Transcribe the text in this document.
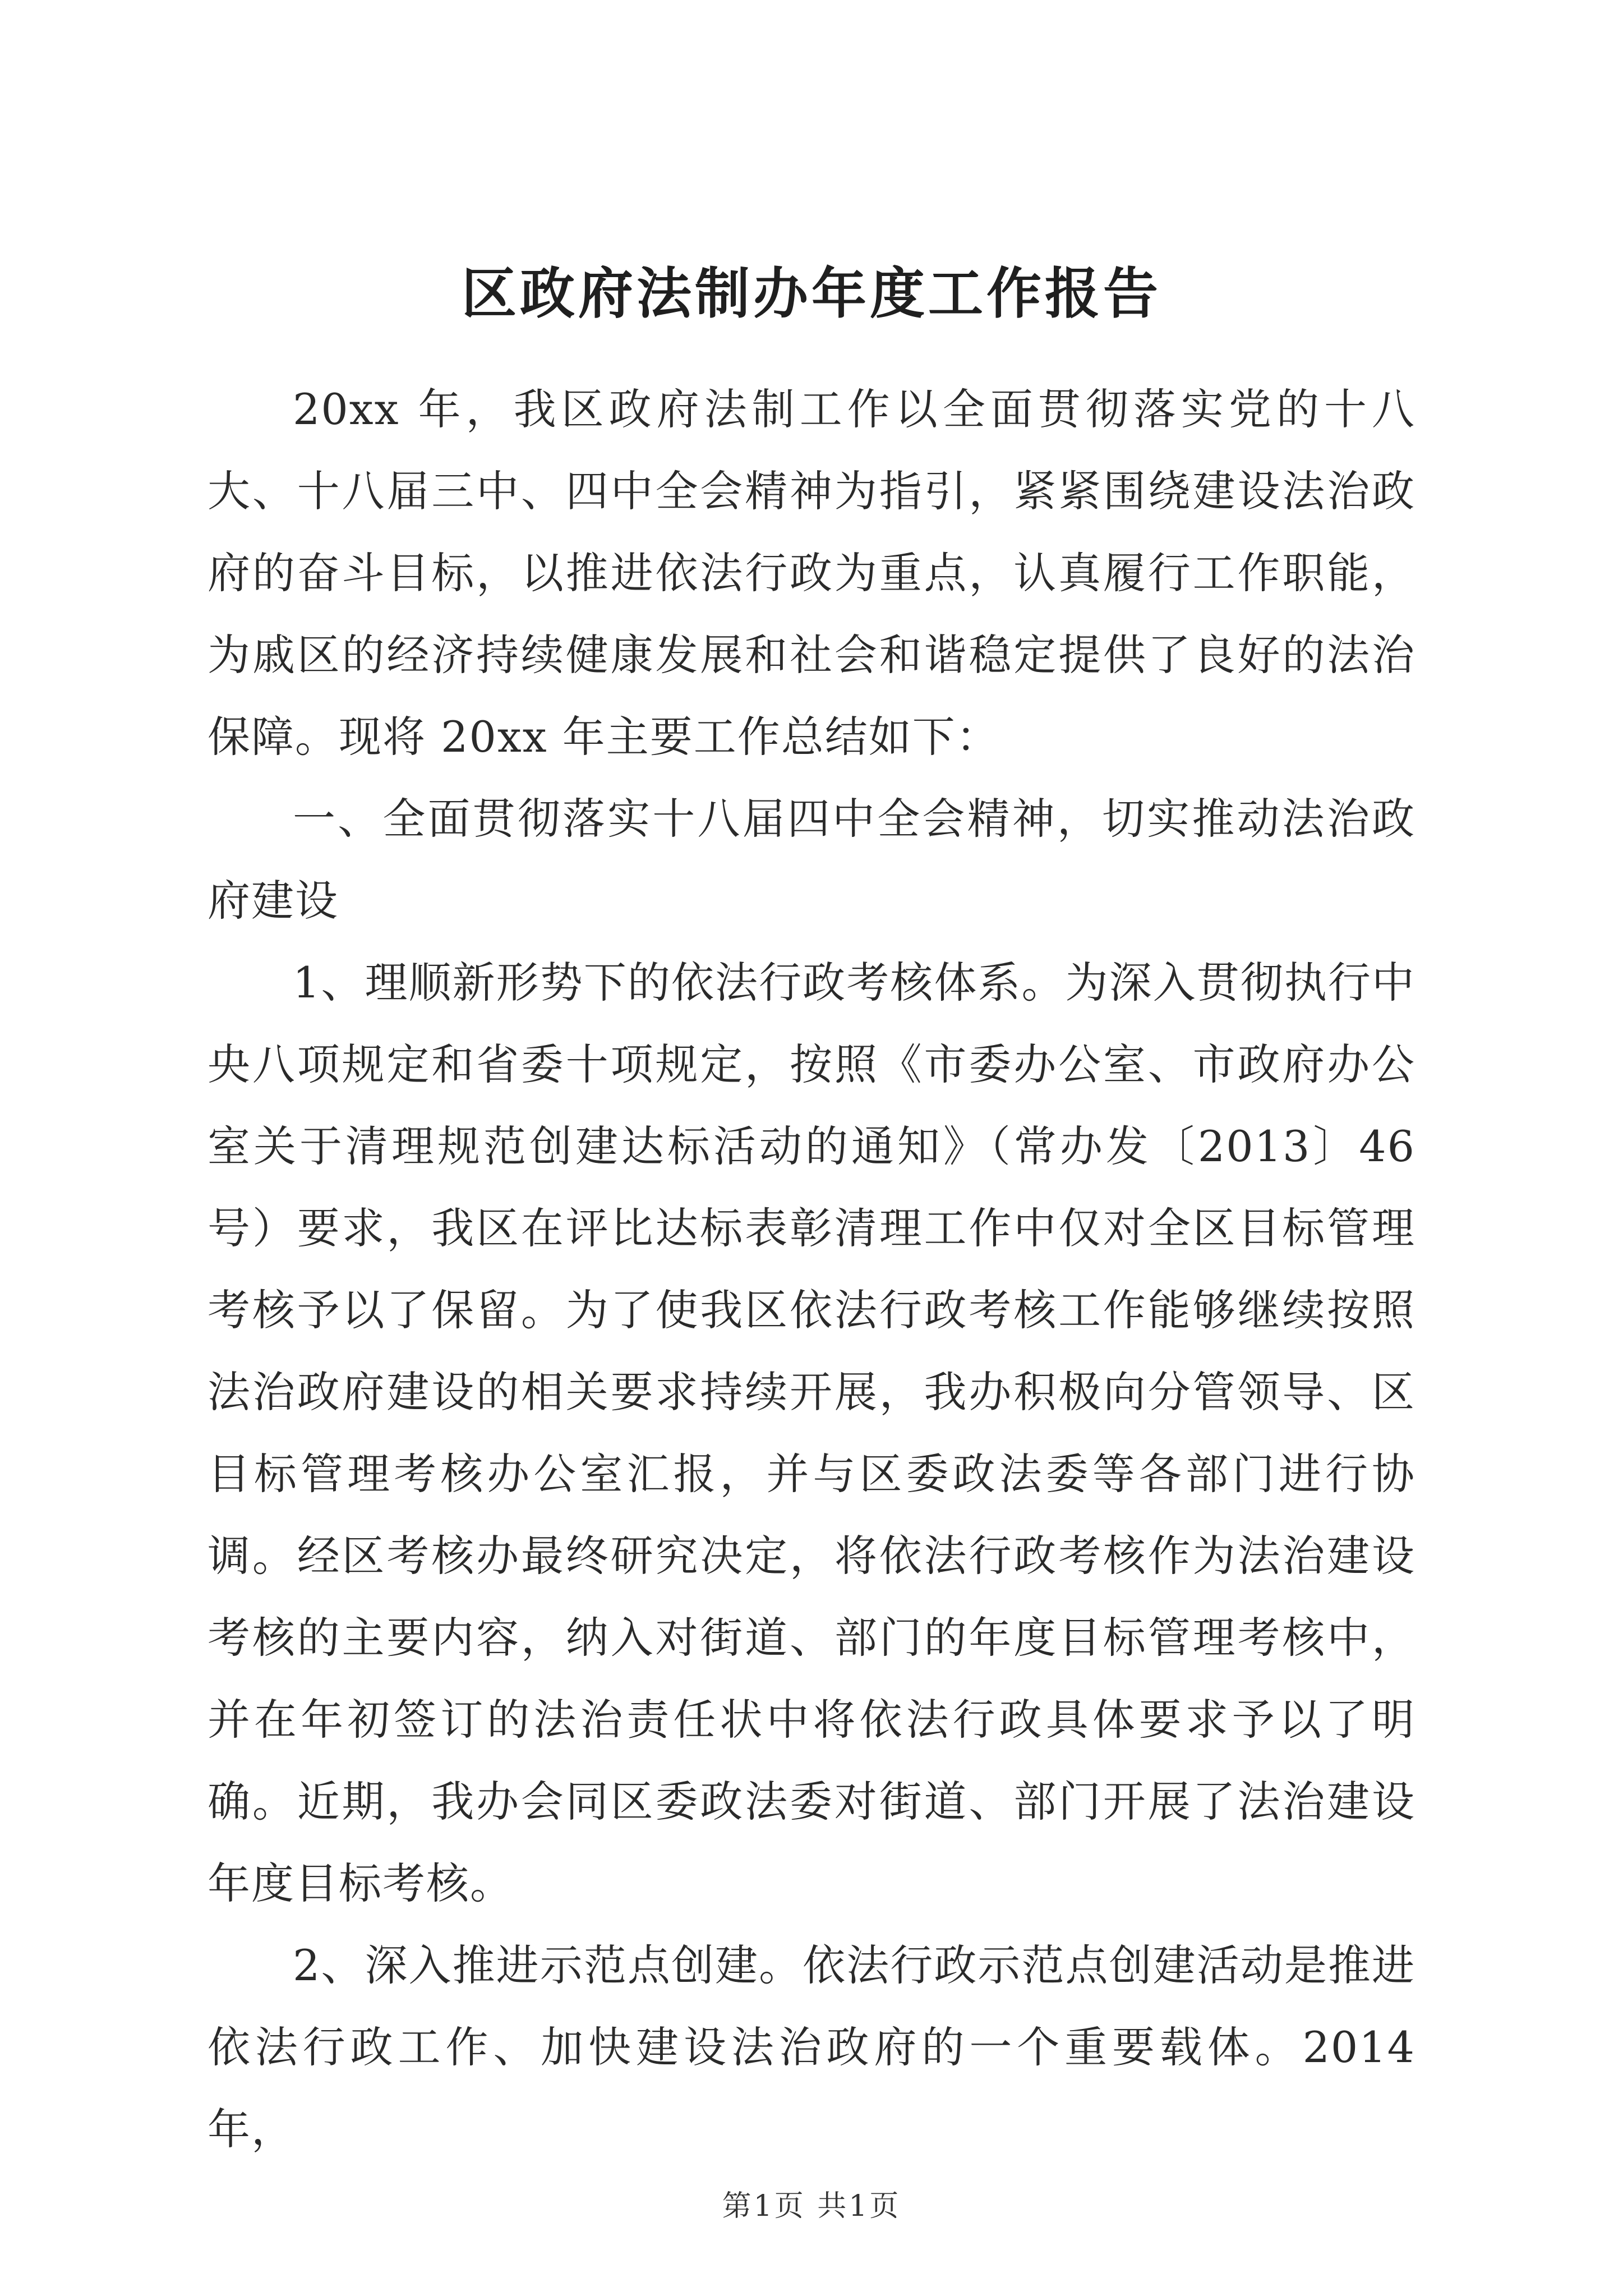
区政府法制办年度工作报告

20xx 年，我区政府法制工作以全面贯彻落实党的十八大、十八届三中、四中全会精神为指引，紧紧围绕建设法治政府的奋斗目标，以推进依法行政为重点，认真履行工作职能，为戚区的经济持续健康发展和社会和谐稳定提供了良好的法治保障。现将 20xx 年主要工作总结如下：

一、全面贯彻落实十八届四中全会精神，切实推动法治政府建设

1、理顺新形势下的依法行政考核体系。为深入贯彻执行中央八项规定和省委十项规定，按照《市委办公室、市政府办公室关于清理规范创建达标活动的通知》（常办发〔2013〕46 号）要求，我区在评比达标表彰清理工作中仅对全区目标管理考核予以了保留。为了使我区依法行政考核工作能够继续按照法治政府建设的相关要求持续开展，我办积极向分管领导、区目标管理考核办公室汇报，并与区委政法委等各部门进行协调。经区考核办最终研究决定，将依法行政考核作为法治建设考核的主要内容，纳入对街道、部门的年度目标管理考核中，并在年初签订的法治责任状中将依法行政具体要求予以了明确。近期，我办会同区委政法委对街道、部门开展了法治建设年度目标考核。

2、深入推进示范点创建。依法行政示范点创建活动是推进依法行政工作、加快建设法治政府的一个重要载体。2014 年，

第1页 共1页
